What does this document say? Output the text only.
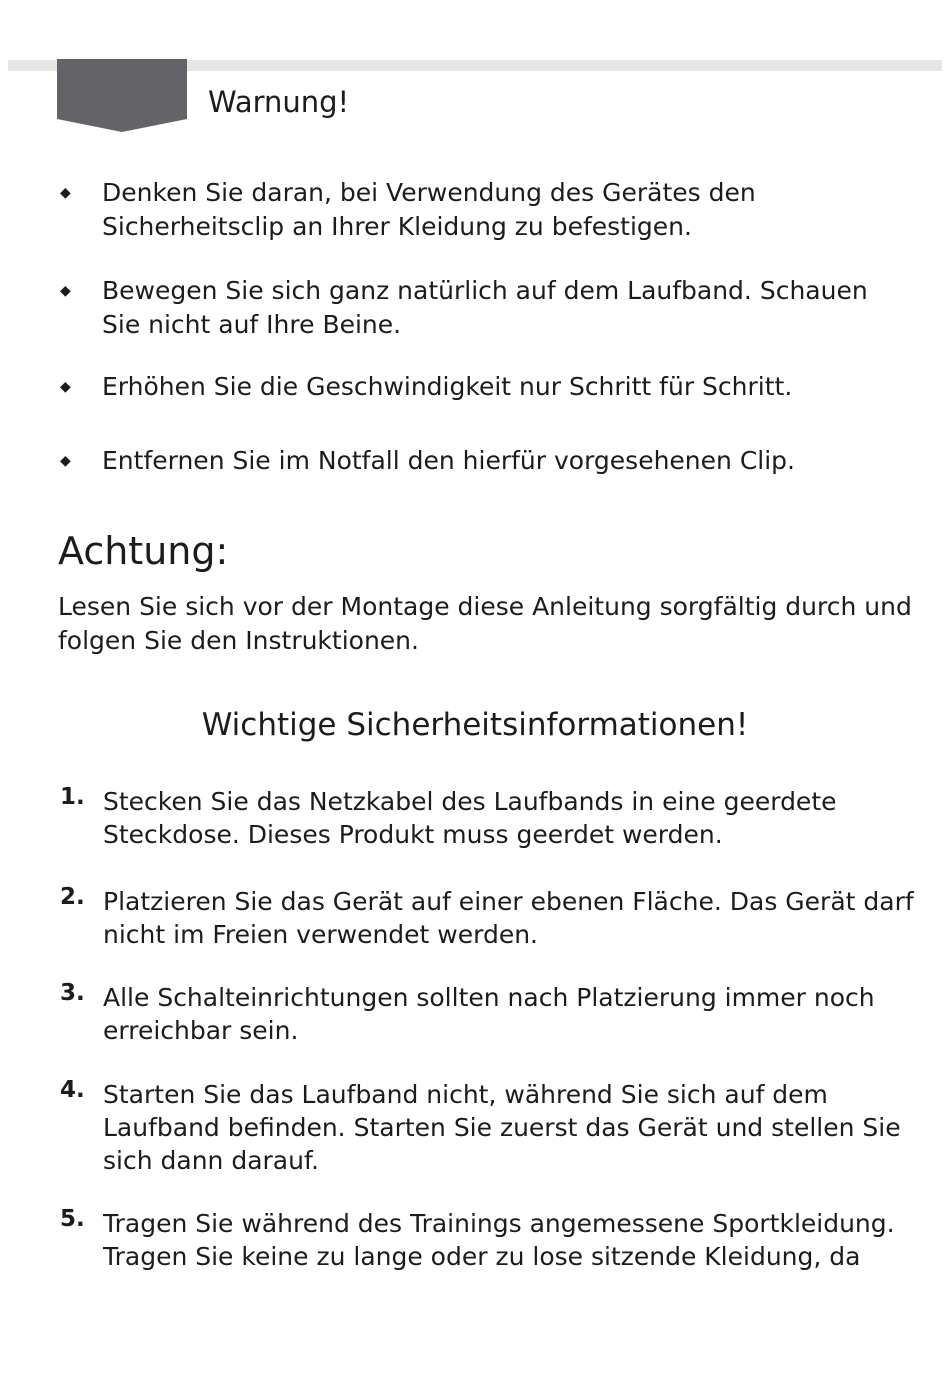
Warnung!
◆	Denken Sie daran, bei Verwendung des Gerätes den Sicherheitsclip an Ihrer Kleidung zu befestigen.
◆	Bewegen Sie sich ganz natürlich auf dem Laufband. Schauen Sie nicht auf Ihre Beine.
◆	Erhöhen Sie die Geschwindigkeit nur Schritt für Schritt.
◆	Entfernen Sie im Notfall den hierfür vorgesehenen Clip.
Achtung:

Lesen Sie sich vor der Montage diese Anleitung sorgfältig durch und folgen Sie den Instruktionen.

Wichtige Sicherheitsinformationen!
1. Stecken Sie das Netzkabel des Laufbands in eine geerdete Steckdose. Dieses Produkt muss geerdet werden.
2. Platzieren Sie das Gerät auf einer ebenen Fläche. Das Gerät darf nicht im Freien verwendet werden.
3. Alle Schalteinrichtungen sollten nach Platzierung immer noch erreichbar sein.
4. Starten Sie das Laufband nicht, während Sie sich auf dem Laufband befinden. Starten Sie zuerst das Gerät und stellen Sie sich dann darauf.
5. Tragen Sie während des Trainings angemessene Sportkleidung. Tragen Sie keine zu lange oder zu lose sitzende Kleidung, da
